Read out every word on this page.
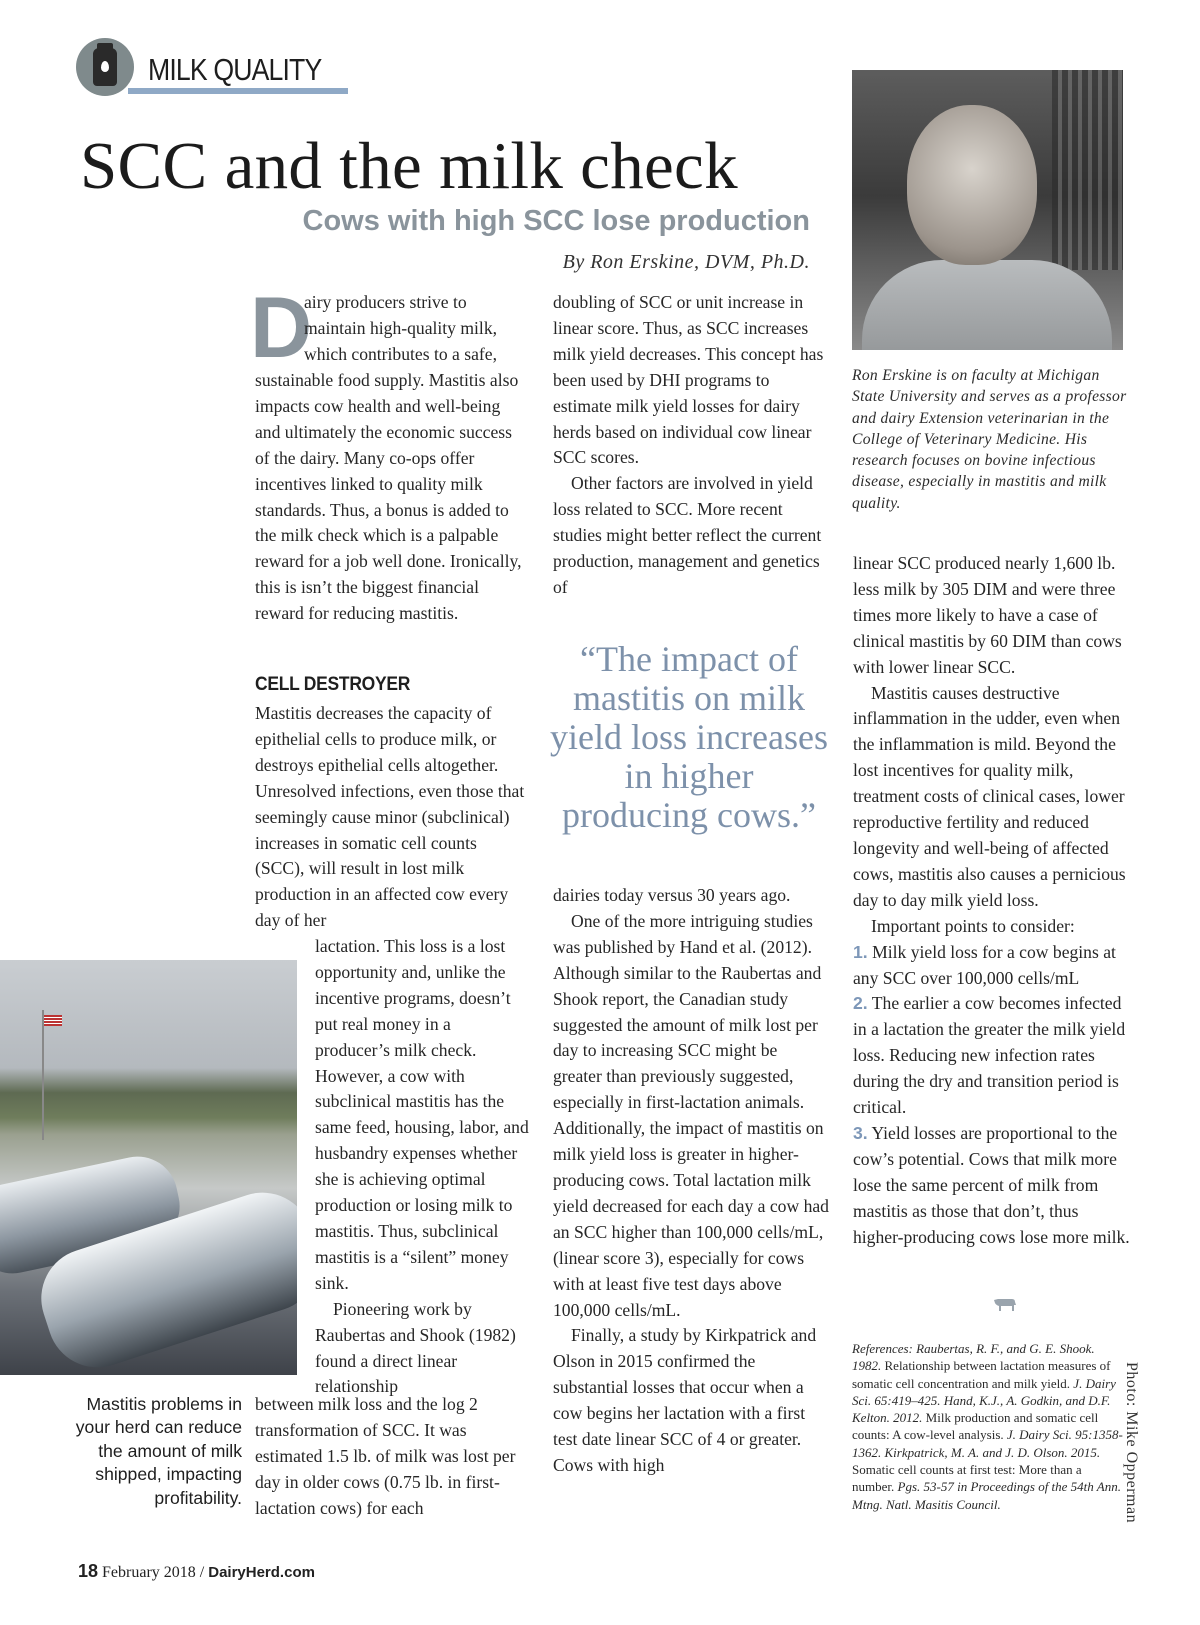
MILK QUALITY
SCC and the milk check
Cows with high SCC lose production
By Ron Erskine, DVM, Ph.D.
Ron Erskine is on faculty at Michigan State University and serves as a professor and dairy Extension veterinarian in the College of Veterinary Medicine. His research focuses on bovine infectious disease, especially in mastitis and milk quality.
D

airy producers strive to maintain high-quality milk, which contributes to a safe,

sustainable food supply. Mastitis also impacts cow health and well-being and ultimately the economic success of the dairy. Many co-ops offer incentives linked to quality milk standards. Thus, a bonus is added to the milk check which is a palpable reward for a job well done. Ironically, this is isn’t the biggest financial reward for reducing mastitis.

CELL DESTROYER

Mastitis decreases the capacity of epithelial cells to produce milk, or destroys epithelial cells altogether. Unresolved infections, even those that seemingly cause minor (subclinical) increases in somatic cell counts (SCC), will result in lost milk production in an affected cow every day of her

lactation. This loss is a lost opportunity and, unlike the incentive programs, doesn’t put real money in a producer’s milk check. However, a cow with subclinical mastitis has the same feed, housing, labor, and husbandry expenses whether she is achieving optimal production or losing milk to mastitis. Thus, subclinical mastitis is a “silent” money sink.

Pioneering work by Raubertas and Shook (1982) found a direct linear relationship

between milk loss and the log 2 transformation of SCC. It was estimated 1.5 lb. of milk was lost per day in older cows (0.75 lb. in first-lactation cows) for each

Mastitis problems in your herd can reduce the amount of milk shipped, impacting profitability.

doubling of SCC or unit increase in linear score. Thus, as SCC increases milk yield decreases. This concept has been used by DHI programs to estimate milk yield losses for dairy herds based on individual cow linear SCC scores.

Other factors are involved in yield loss related to SCC. More recent studies might better reflect the current production, management and genetics of

“The impact of mastitis on milk yield loss increases in higher producing cows.”

dairies today versus 30 years ago.

One of the more intriguing studies was published by Hand et al. (2012). Although similar to the Raubertas and Shook report, the Canadian study suggested the amount of milk lost per day to increasing SCC might be greater than previously suggested, especially in first-lactation animals. Additionally, the impact of mastitis on milk yield loss is greater in higher-producing cows. Total lactation milk yield decreased for each day a cow had an SCC higher than 100,000 cells/mL, (linear score 3), especially for cows with at least five test days above 100,000 cells/mL.

Finally, a study by Kirkpatrick and Olson in 2015 confirmed the substantial losses that occur when a cow begins her lactation with a first test date linear SCC of 4 or greater. Cows with high

linear SCC produced nearly 1,600 lb. less milk by 305 DIM and were three times more likely to have a case of clinical mastitis by 60 DIM than cows with lower linear SCC.

Mastitis causes destructive inflammation in the udder, even when the inflammation is mild. Beyond the lost incentives for quality milk, treatment costs of clinical cases, lower reproductive fertility and reduced longevity and well-being of affected cows, mastitis also causes a pernicious day to day milk yield loss.

Important points to consider:

1. Milk yield loss for a cow begins at any SCC over 100,000 cells/mL

2. The earlier a cow becomes infected in a lactation the greater the milk yield loss. Reducing new infection rates during the dry and transition period is critical.

3. Yield losses are proportional to the cow’s potential. Cows that milk more lose the same percent of milk from mastitis as those that don’t, thus higher-producing cows lose more milk.

References: Raubertas, R. F., and G. E. Shook. 1982. Relationship between lactation measures of somatic cell concentration and milk yield. J. Dairy Sci. 65:419–425. Hand, K.J., A. Godkin, and D.F. Kelton. 2012. Milk production and somatic cell counts: A cow-level analysis. J. Dairy Sci. 95:1358-1362. Kirkpatrick, M. A. and J. D. Olson. 2015. Somatic cell counts at first test: More than a number. Pgs. 53-57 in Proceedings of the 54th Ann. Mtng. Natl. Masitis Council.	Photo: Mike Opperman
18 February 2018 / DairyHerd.com
